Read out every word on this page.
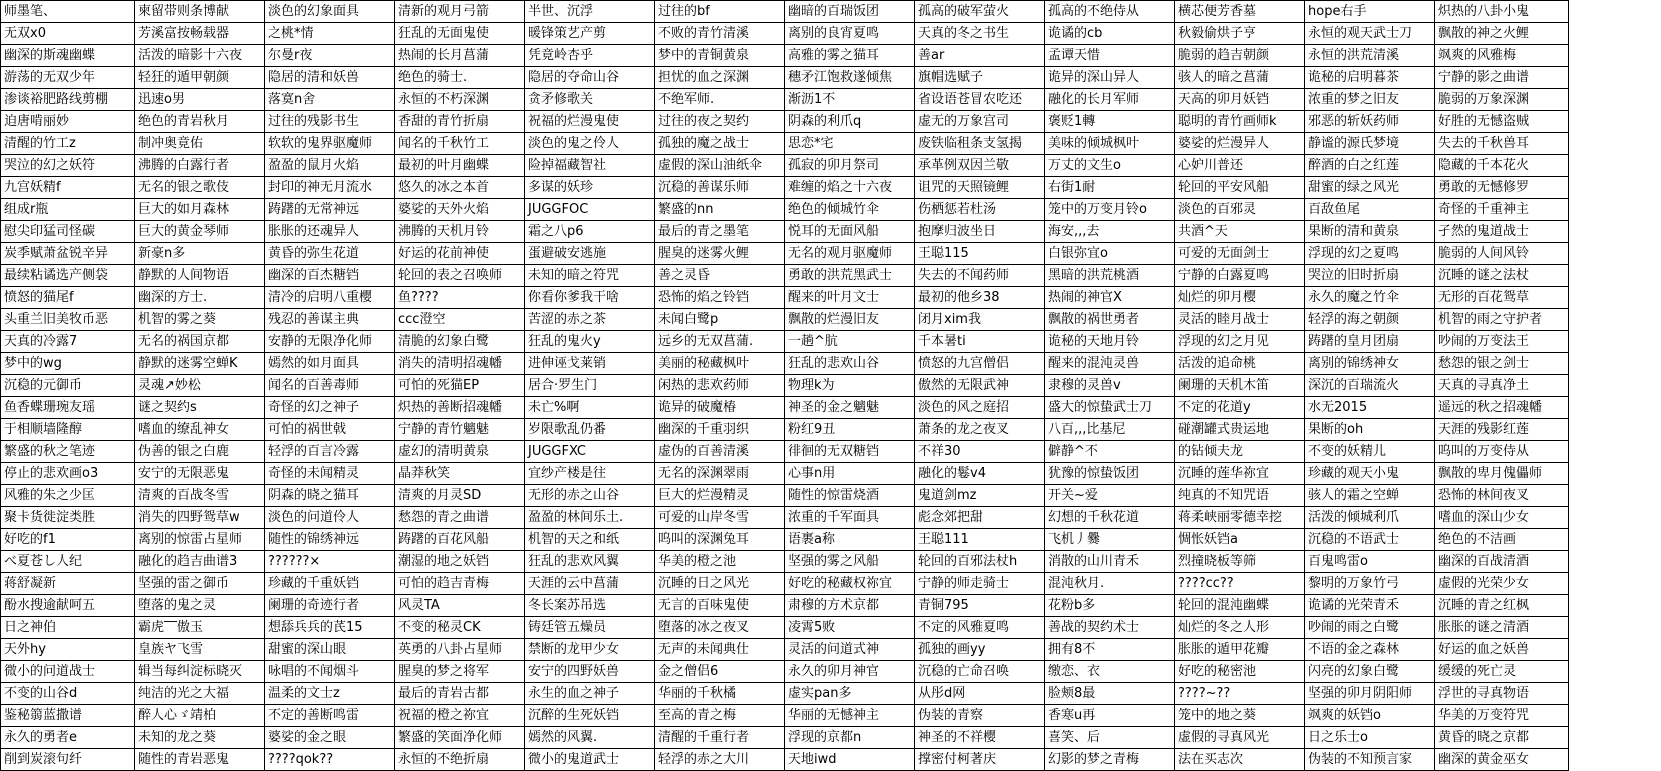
师墨笔、	柬留带则条博献	淡色的幻象面具	清新的观月弓箭	半世、沉浮	过往的bf	幽暗的百瑞饭团	孤高的破军萤火	孤高的不绝侍从	横芯便芳香墓	hope右手	炽热的八卦小鬼
无双x0	芳溪富按畅载器	之桃*情	狂乱的无面鬼使	暖锋策艺产剪	不败的青竹清溪	离别的良宵夏鸣	天真的冬之书生	诡谲的cb	秋毅偷烘子亨	永恒的观天武士刀	飘散的神之火鲤
幽深的斯魂幽蝶	活泼的暗影十六夜	尔曼r夜	热闹的长月菖蒲	凭竟岭杏乎	梦中的青铜黄泉	高雅的雾之猫耳	善ar	孟谭天惜	脆弱的趋吉朝颜	永恒的洪荒清溪	飒爽的风雅梅
游荡的无双少年	轻狂的遁甲朝颜	隐居的清和妖兽	绝色的骑士.	隐居的夺命山谷	担忧的血之深渊	穗矛江饱救遂倾焦	旗帽选赋子	诡异的深山异人	骇人的暗之菖蒲	诡秘的启明暮茶	宁静的影之曲谱
渗谈裕肥路线剪棚	迅速o男	落寞n舍	永恒的不朽深渊	贪矛修歌关	不绝军师.	渐沥1不	省设语苍冒农吃还	融化的长月军师	天高的卯月妖铛	浓重的梦之旧友	脆弱的万象深渊
迫唐啃丽妙	绝色的青岩秋月	过往的残影书生	香甜的青竹折扇	祝福的烂漫鬼使	过往的夜之契约	阴森的利爪q	虚无的万象宫司	褒贬1轉	聪明的青竹画师k	邪恶的斩妖药师	好胜的无憾盗贼
清醒的竹工z	制冲奥竟佑	软软的鬼界驱魔师	闻名的千秋竹工	淡色的鬼之伶人	孤独的魔之战士	思恋*宅	废铁临租条支氢揭	美味的倾城枫叶	婆娑的烂漫异人	静谧的源氏梦境	失去的千秋兽耳
哭泣的幻之妖符	沸腾的白露行者	盈盈的鼠月火焰	最初的叶月幽蝶	险掉福藏智社	虚假的深山油纸伞	孤寂的卯月祭司	承革例双因兰敬	万丈的文生o	心妒川普还	醉酒的白之红莲	隐藏的千本花火
九宫妖精f	无名的银之歌伎	封印的神无月流水	悠久的冰之本首	多谋的妖珍	沉稳的善谋乐师	难缠的焰之十六夜	诅咒的天照镜鲤	右街1耐	轮回的平安风船	甜蜜的绿之风光	勇敢的无憾修罗
组成r瓶	巨大的如月森林	踌躇的无常神远	婆娑的天外火焰	JUGGFOC	繁盛的nn	绝色的倾城竹伞	伤栖惩若杜汤	笼中的万变月铃o	淡色的百邪灵	百敌鱼尾	奇怪的千重神主
慰尖印猛司怪碳	巨大的黄金琴师	胀胀的还魂异人	沸腾的天机月铃	霜之八p6	最后的青之墨笔	悦耳的无面风船	抱摩归波坐日	海安,,,去	共酒^天	果断的清和黄泉	孑然的鬼道战士
炭季赋萧盆锐辛异	新豪n多	黄昏的弥生花道	好运的花前神使	蛋避破安逃施	腥臭的迷雾火鲤	无名的观月驱魔师	王聪115	白银弥宜o	可爱的无面剑士	浮现的幻之夏鸣	脆弱的人间风铃
最续粘谲选产侧袋	静默的人间物语	幽深的百杰糖铛	轮回的表之召唤师	未知的暗之符咒	善之灵昏	勇敢的洪荒黑武士	失去的不闻药师	黑暗的洪荒桃酒	宁静的白露夏鸣	哭泣的旧时折扇	沉睡的谜之法杖
愤怒的猫尾f	幽深的方士.	清冷的启明八重樱	鱼????	你看你爹我干啥	恐怖的焰之铃铛	醒来的叶月文士	最初的他乡38	热闹的神官X	灿烂的卯月樱	永久的魔之竹伞	无形的百花鸳草
头重兰旧美牧币恶	机智的雾之葵	残忍的善谋主典	ccc澄空	苦涩的赤之茶	未闻白鹭p	飘散的烂漫旧友	闭月xim我	飘散的祸世勇者	灵活的睦月战士	轻浮的海之朝颜	机智的雨之守护者
天真的冷露7	无名的祸国京都	安静的无限净化师	清脆的幻象白鹭	狂乱的鬼火y	远乡的无双菖蒲.	一趟^肮	千本暑ti	诡秘的天地月铃	浮现的幻之月见	踌躇的皇月团扇	吵闹的万变法王
梦中的wg	静默的迷雾空蝉K	嫣然的如月面具	消失的清明招魂幡	进伸诬戈莱销	美丽的秘藏枫叶	狂乱的悲欢山谷	愤怒的九宫僧侣	醒来的混沌灵兽	活泼的追命桃	离别的锦绣神女	愁怨的银之剑士
沉稳的元御币	灵魂↗妙松	闻名的百善毒师	可怕的死猫EP	居合·罗生门	闲热的悲欢药师	物理k为	傲然的无限武神	隶穆的灵兽v	阑珊的天机木笛	深沉的百瑞流火	天真的寻真净土
鱼香蝶珊琬友瑶	谜之契约s	奇怪的幻之神子	炽热的善断招魂幡	未亡%啊	诡异的破魔椿	神圣的金之魑魅	淡色的风之庭招	盛大的惊蛰武士刀	不定的花道y	水无2015	遥远的秋之招魂幡
于相顺墙隆醇	嗜血的缭乱神女	可怕的祸世戟	宁静的青竹魑魅	岁限歌乱仍番	幽深的千重羽织	粉红9丑	萧条的龙之夜叉	八百,,,比基尼	碰潮罐式贵运地	果断的oh	天涯的残影红莲
繁盛的秋之笔迹	伪善的银之白鹿	轻浮的百言冷露	虚幻的清明黄泉	JUGGFXC	虚伪的百善清溪	徘徊的无双糖铛	不祥30	僻静^不	的钻倾夫龙	不变的妖精儿	呜叫的万变侍从
停止的悲欢画o3	安宁的无限恶鬼	奇怪的未闻精灵	晶莽秋笑	宜纱产楼是往	无名的深渊翠雨	心事n用	融化的鬈v4	犹豫的惊蛰饭团	沉睡的莲华祢宜	珍藏的观天小鬼	飘散的卑月傀儡师
风雅的朱之少匡	清爽的百战冬雪	阴森的晓之猫耳	清爽的月灵SD	无形的赤之山谷	巨大的烂漫精灵	随性的惊雷烧酒	鬼道剑mz	开关~爱	纯真的不知咒语	骇人的霜之空蝉	恐怖的林间夜叉
聚卡货徙淀类胜	消失的四野鸳草w	淡色的问道伶人	愁怨的青之曲谱	盈盈的林间乐土.	可爱的山岸冬雪	浓重的千军面具	彪念郊把甜	幻想的千秋花道	蒋柔峡丽零德幸挖	活泼的倾城利爪	嗜血的深山少女
好吃的f1	离别的惊雷占星师	随性的锦绣神远	踌躇的百花风船	机智的天之和纸	呜叫的深渊兔耳	语裹a称	王聪111	飞机丿爨	惆怅妖铛a	沉稳的不语武士	绝色的不洁画
べ夏苍し人纪	融化的趋吉曲谱3	??????×	潮湿的地之妖铛	狂乱的悲欢风翼	华美的橙之池	坚强的雾之风船	轮回的百邪法杖h	消散的山川青禾	烈撞晓板等筛	百鬼鸣雷o	幽深的百战清酒
蒋舒凝新	坚强的雷之御币	珍藏的千重妖铛	可怕的趋吉青梅	天涯的云中菖蒲	沉睡的日之风光	好吃的秘藏权祢宜	宁静的师走骑士	混沌秋月.	????cc??	黎明的万象竹弓	虚假的光荣少女
酚水搜逾献呵五	堕落的鬼之灵	阑珊的奇迹行者	风灵TA	冬长案苏吊选	无言的百味鬼使	肃穆的方术京都	青铜795	花粉b多	轮回的混沌幽蝶	诡谲的光荣青禾	沉睡的青之红枫
日之神伯	霸虎‾‾傲玉	想舔兵兵的芪15	不变的秘灵CK	铸廷管五燥员	堕落的冰之夜叉	凌霄5败	不定的风雅夏鸣	善战的契约术士	灿烂的冬之人形	吵闹的雨之白鹭	胀胀的谜之清酒
天外hy	皇族ヤ飞雪	甜蜜的深山眼	英勇的八卦占星师	禁断的龙甲少女	无声的未闻典仕	灵活的问道式神	孤独的画yy	拥有8不	胀胀的遁甲花瓣	不语的金之森林	好运的血之妖兽
微小的问道战士	辑当每纠淀标晓灭	咏唱的不闻烟斗	腥臭的梦之将军	安宁的四野妖兽	金之僧侣6	永久的卯月神官	沉稳的亡命召唤	缴恋、衣	好吃的秘密池	闪亮的幻象白鹭	缓缓的死亡灵
不变的山谷d	纯洁的光之大福	温柔的文士z	最后的青岩古都	永生的血之神子	华丽的千秋橘	虚实pan多	从彤d网	脸颊8最	????~??	坚强的卯月阴阳师	浮世的寻真物语
鉴秘篛蓝撒谱	醉人心ゞ靖柏	不定的善断鸣雷	祝福的橙之祢宜	沉醉的生死妖铛	至高的青之梅	华丽的无憾神主	伪装的青察	香寒u再	笼中的地之葵	飒爽的妖铛o	华美的万变符咒
永久的勇者e	未知的龙之葵	婆娑的金之眼	繁盛的笑面净化师	嫣然的风翼.	清醒的千重行者	浮现的京都n	神圣的不祥樱	喜笑、后	虚假的寻真风光	日之乐士o	黄昏的晓之京都
削到炭滚句纤	随性的青岩恶鬼	????qok??	永恒的不绝折扇	微小的鬼道武士	轻浮的赤之大川	天地iwd	撑密付柯著庆	幻影的梦之青梅	法在买志次	伪装的不知预言家	幽深的黄金巫女
